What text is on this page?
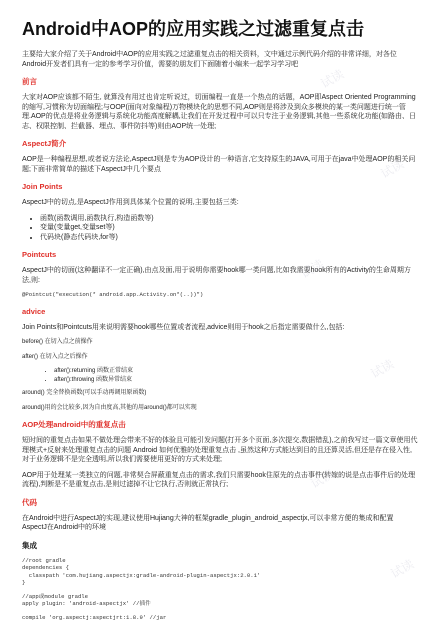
试读
试读
试读
试读
试读
试读
Android中AOP的应用实践之过滤重复点击

主要给大家介绍了关于Android中AOP的应用实践之过滤重复点击的相关资料，文中通过示例代码介绍的非常详细，对各位Android开发者们具有一定的参考学习价值，需要的朋友们下面随着小编来一起学习学习吧

前言

大家对AOP应该都不陌生, 就算没有用过也肯定听说过，切面编程一直是一个热点的话题，AOP即Aspect Oriented Programming的缩写,习惯称为切面编程;与OOP(面向对象编程)万物模块化的思想不同,AOP则是将涉及到众多模块的某一类问题进行统一管理.AOP的优点是将业务逻辑与系统化功能高度解耦,让我们在开发过程中可以只专注于业务逻辑,其他一些系统化功能(如路由、日志、权限控制、拦截器、埋点、事件防抖等)则由AOP统一处理;

AspectJ简介

AOP是一种编程思想,或者说方法论,AspectJ则是专为AOP设计的一种语言,它支持原生的JAVA,可用于在java中处理AOP的相关问题;下面非常简单的描述下AspectJ中几个要点

Join Points

AspectJ中的切点,是AspectJ作用到具体某个位置的说明,主要包括三类:

• 函数(函数调用,函数执行,构造函数等)
• 变量(变量get,变量set等)
• 代码块(静态代码块,for等)
Pointcuts

AspectJ中的切面(这种翻译不一定正确),由点及面,用于说明你需要hook哪一类问题,比如我需要hook所有的Activity的生命周期方法,则:

@Pointcut("execution(* android.app.Activity.on*(..))")
advice

Join Points和Pointcuts用来说明需要hook哪些位置或者流程,advice则用于hook之后指定需要做什么,包括:

before() 在切入点之前操作

after() 在切入点之后操作

• after():returning 函数正常结束
• after():throwing 函数异常结束

around() 完全替换函数(可以手动再调用原函数)

around()用的会比较多,因为自由度高,其他的用around()都可以实现

AOP处理android中的重复点击

短时间的重复点击如果不做处理会带来不好的体验且可能引发问题(打开多个页面,多次提交,数据错乱),之前我写过一篇文章使用代理模式+反射来处理重复点击的问题 Android 如何优雅的处理重复点击 ,虽然这种方式能达到目的且还算灵活,但还是存在侵入性,对于业务逻辑不是完全透明,所以我们需要使用更好的方式来处理;

AOP用于处理某一类独立的问题,非常契合屏蔽重复点击的需求,我们只需要hook住原先的点击事件(转嫁的说是点击事件后的处理流程),判断是不是重复点击,是则过滤掉不让它执行,否则就正常执行;

代码

在Android中进行AspectJ的实现,建议使用Hujiang大神的框架gradle_plugin_android_aspectjx,可以非常方便的集成和配置AspectJ在Android中的环境

集成
//root gradle
dependencies {
classpath 'com.hujiang.aspectjx:gradle-android-plugin-aspectjx:2.0.1'
}
//app或module gradle
apply plugin: 'android-aspectjx' //插件
compile 'org.aspectj:aspectjrt:1.8.9' //jar
